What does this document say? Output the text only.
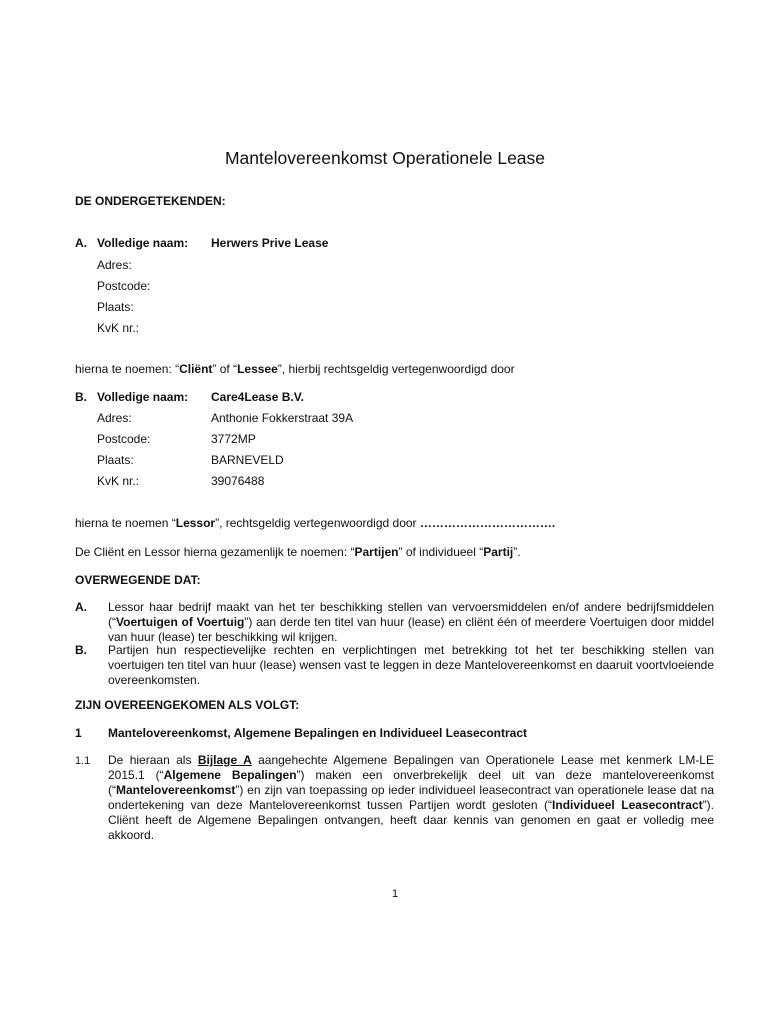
Mantelovereenkomst Operationele Lease
DE ONDERGETEKENDEN:
A. Volledige naam: Herwers Prive Lease
Adres:
Postcode:
Plaats:
KvK nr.:
hierna te noemen: “Cliënt” of “Lessee”, hierbij rechtsgeldig vertegenwoordigd door
B. Volledige naam: Care4Lease B.V.
Adres:	Anthonie Fokkerstraat 39A
Postcode:	3772MP
Plaats:	BARNEVELD
KvK nr.:	39076488
hierna te noemen “Lessor”, rechtsgeldig vertegenwoordigd door …………………………….
De Cliënt en Lessor hierna gezamenlijk te noemen: “Partijen” of individueel “Partij”.
OVERWEGENDE DAT:
A. Lessor haar bedrijf maakt van het ter beschikking stellen van vervoersmiddelen en/of andere bedrijfsmiddelen (“Voertuigen of Voertuig”) aan derde ten titel van huur (lease) en cliënt één of meerdere Voertuigen door middel van huur (lease) ter beschikking wil krijgen.
B. Partijen hun respectievelijke rechten en verplichtingen met betrekking tot het ter beschikking stellen van voertuigen ten titel van huur (lease) wensen vast te leggen in deze Mantelovereenkomst en daaruit voortvloeiende overeenkomsten.
ZIJN OVEREENGEKOMEN ALS VOLGT:
1 Mantelovereenkomst, Algemene Bepalingen en Individueel Leasecontract
1.1 De hieraan als Bijlage A aangehechte Algemene Bepalingen van Operationele Lease met kenmerk LM-LE 2015.1 (“Algemene Bepalingen”) maken een onverbrekelijk deel uit van deze mantelovereenkomst (“Mantelovereenkomst”) en zijn van toepassing op ieder individueel leasecontract van operationele lease dat na ondertekening van deze Mantelovereenkomst tussen Partijen wordt gesloten (“Individueel Leasecontract”). Cliënt heeft de Algemene Bepalingen ontvangen, heeft daar kennis van genomen en gaat er volledig mee akkoord.
1
